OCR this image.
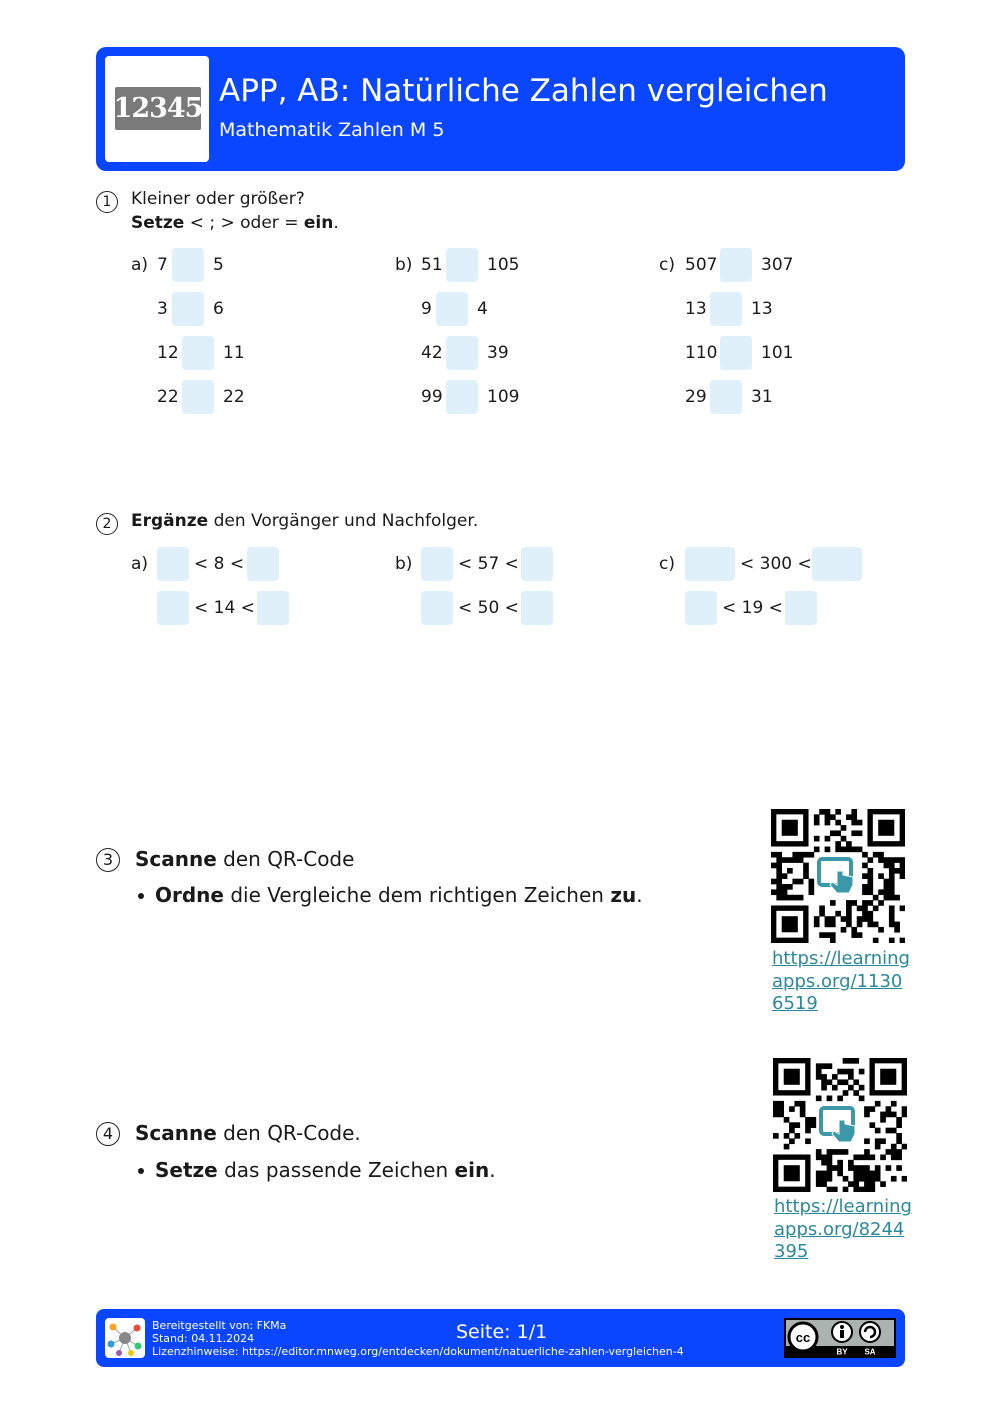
12345 APP, AB: Natürliche Zahlen vergleichen
Mathematik Zahlen M 5
1	Kleiner oder größer?
Setze < ; > oder = ein.
a) 7	5
3	6
12	11
22	22
b) 51	105
9	4
42	39
99	109
c) 507	307
13	13
110	101
29	31
2	Ergänze den Vorgänger und Nachfolger.
a)	< 8 <
< 14 <
b)	< 57 <
< 50 <
c)	< 300 <
< 19 <
3	Scanne den QR-Code
Ordne die Vergleiche dem richtigen Zeichen zu.
https://learningapps.org/11306519
4	Scanne den QR-Code.
Setze das passende Zeichen ein.
https://learningapps.org/8244395
Bereitgestellt von: FKMa
Stand: 04.11.2024
Lizenzhinweise: https://editor.mnweg.org/entdecken/dokument/natuerliche-zahlen-vergleichen-4
Seite: 1/1	cc
BY SA
